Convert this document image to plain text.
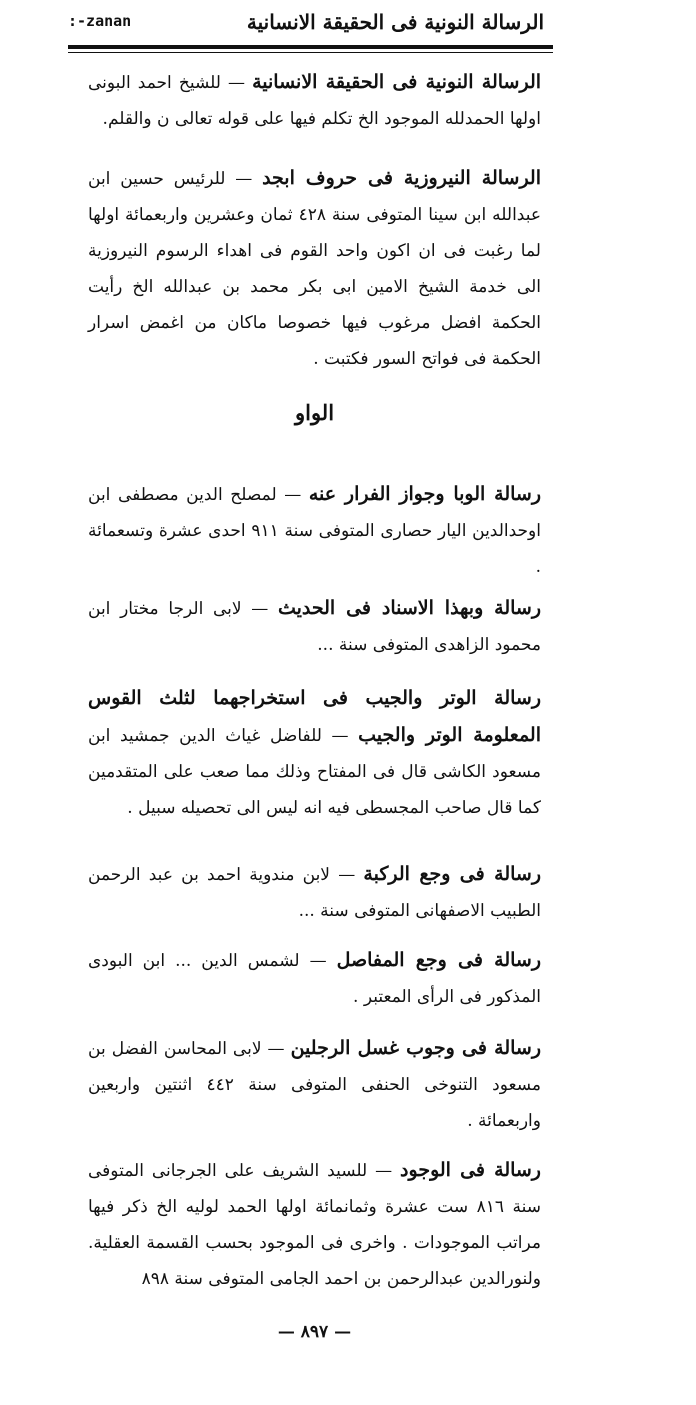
الرسالة النونية فى الحقيقة الانسانية
:-zanan

الرسالة النونية فى الحقيقة الانسانية — للشيخ احمد البونى اولها الحمدلله الموجود الخ تكلم فيها على قوله تعالى ن والقلم.

الرسالة النيروزية فى حروف ابجد — للرئيس حسين ابن عبدالله ابن سينا المتوفى سنة ٤٢٨ ثمان وعشرين واربعمائة اولها لما رغبت فى ان اكون واحد القوم فى اهداء الرسوم النيروزية الى خدمة الشيخ الامين ابى بكر محمد بن عبدالله الخ رأيت الحكمة افضل مرغوب فيها خصوصا ماكان من اغمض اسرار الحكمة فى فواتح السور فكتبت .

الواو

رسالة الوبا وجواز الفرار عنه — لمصلح الدين مصطفى ابن اوحدالدين اليار حصارى المتوفى سنة ٩١١ احدى عشرة وتسعمائة .

رسالة وبهذا الاسناد فى الحديث — لابى الرجا مختار ابن محمود الزاهدى المتوفى سنة ...

رسالة الوتر والجيب فى استخراجهما لثلث القوس المعلومة الوتر والجيب — للفاضل غياث الدين جمشيد ابن مسعود الكاشى قال فى المفتاح وذلك مما صعب على المتقدمين كما قال صاحب المجسطى فيه انه ليس الى تحصيله سبيل .

رسالة فى وجع الركبة — لابن مندوية احمد بن عبد الرحمن الطبيب الاصفهانى المتوفى سنة ...

رسالة فى وجع المفاصل — لشمس الدين ... ابن البودى المذكور فى الرأى المعتبر .

رسالة فى وجوب غسل الرجلين — لابى المحاسن الفضل بن مسعود التنوخى الحنفى المتوفى سنة ٤٤٢ اثنتين واربعين واربعمائة .

رسالة فى الوجود — للسيد الشريف على الجرجانى المتوفى سنة ٨١٦ ست عشرة وثمانمائة اولها الحمد لوليه الخ ذكر فيها مراتب الموجودات . واخرى فى الموجود بحسب القسمة العقلية. ولنورالدين عبدالرحمن بن احمد الجامى المتوفى سنة ٨٩٨

— ٨٩٧ —
